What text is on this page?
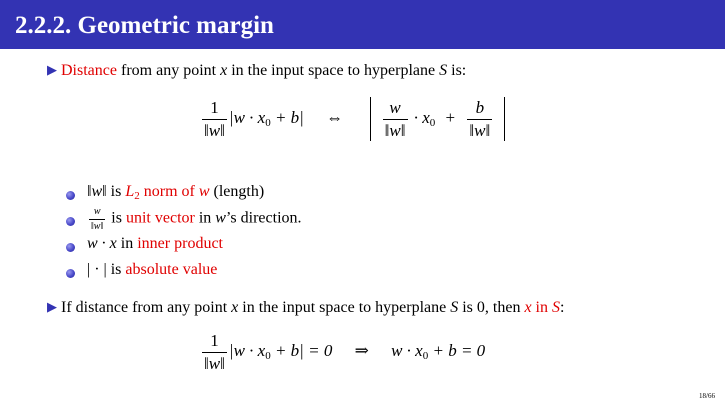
2.2.2. Geometric margin
▶ Distance from any point x in the input space to hyperplane S is:
$\frac{1}{‖w‖} |w \cdot x_0 + b|$ ⇔ $\frac{w}{‖w‖} \cdot x_0 + \frac{b}{‖w‖}$

‖w‖ is $L_2$ norm of w (length)
$\frac{w}{‖w‖}$ is unit vector in w’s direction.
w · x in inner product
| · | is absolute value
▶ If distance from any point x in the input space to hyperplane S is 0, then x in S:
$\frac{1}{‖w‖} |w \cdot x_0 + b| = 0$ ⇒ $w \cdot x_0 + b = 0$
18/66
